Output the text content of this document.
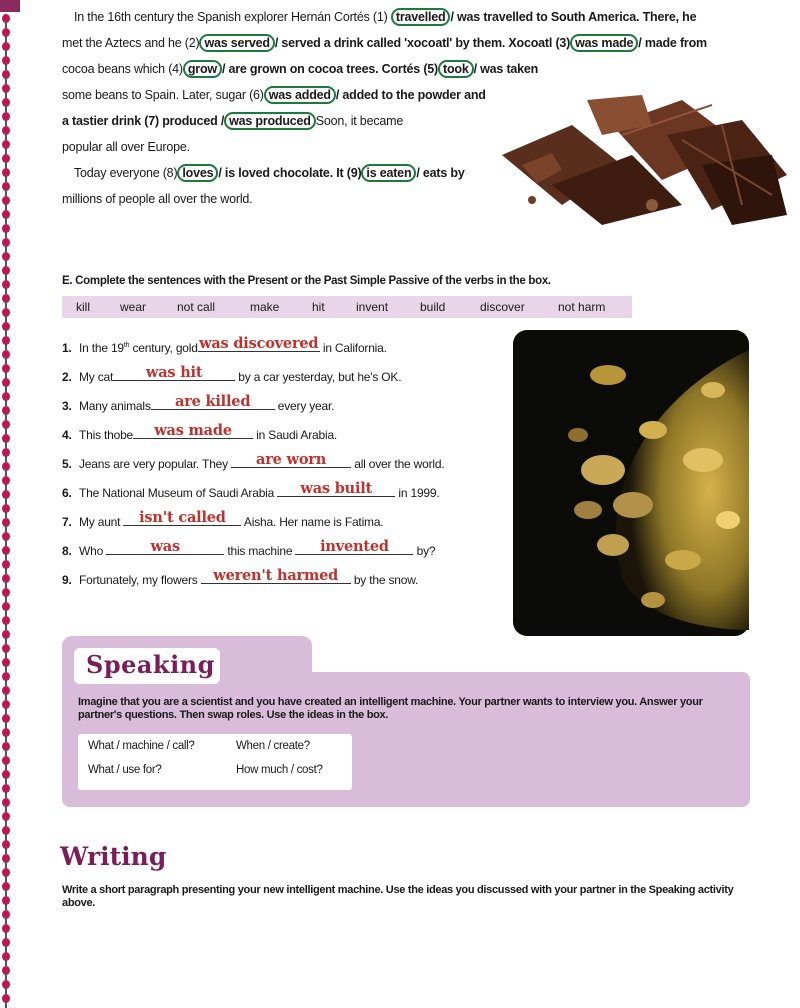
In the 16th century the Spanish explorer Hernán Cortés (1) travelled / was travelled to South America. There, he
met the Aztecs and he (2) was served / served a drink called 'xocoatl' by them. Xocoatl (3) was made / made from
cocoa beans which (4) grow / are grown on cocoa trees. Cortés (5) took / was taken
some beans to Spain. Later, sugar (6) was added / added to the powder and
a tastier drink (7) produced / was produced Soon, it became
popular all over Europe.
Today everyone (8) loves / is loved chocolate. It (9) is eaten / eats by
millions of people all over the world.
E. Complete the sentences with the Present or the Past Simple Passive of the verbs in the box.
kill	wear	not call	make	hit	invent	build	discover	not harm
1. In the 19th century, gold was discovered in California.
2. My cat	was hit	by a car yesterday, but he's OK.
3. Many animals	are killed	every year.
4. This thobe	was made	in Saudi Arabia.
5. Jeans are very popular. They	are worn	all over the world.
6. The National Museum of Saudi Arabia	was built	in 1999.
7. My aunt	isn't called	Aisha. Her name is Fatima.
8. Who	was	this machine	invented	by?
9. Fortunately, my flowers	weren't harmed	by the snow.
Speaking
Imagine that you are a scientist and you have created an intelligent machine. Your partner wants to interview you. Answer your partner's questions. Then swap roles. Use the ideas in the box.
What / machine / call?	When / create?
What / use for?	How much / cost?
Writing
Write a short paragraph presenting your new intelligent machine. Use the ideas you discussed with your partner in the Speaking activity above.
